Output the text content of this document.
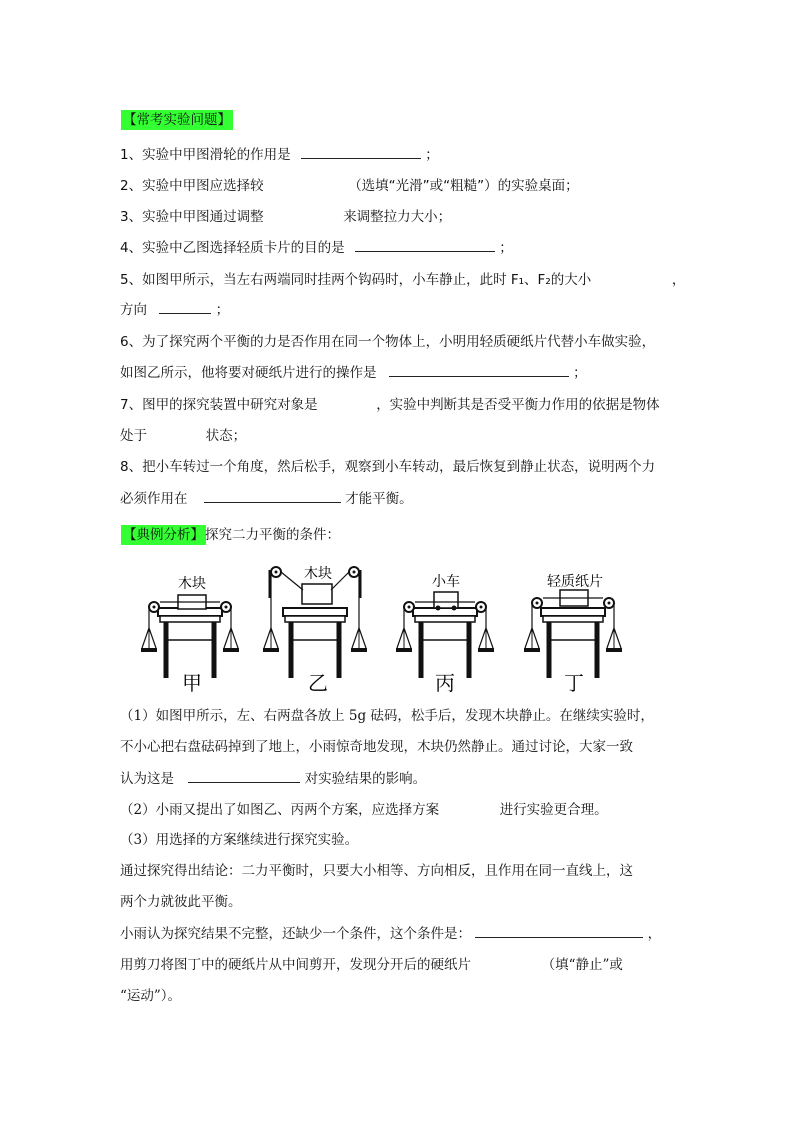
【常考实验问题】
1、实验中甲图滑轮的作用是	；
2、实验中甲图应选择较	（选填“光滑”或“粗糙”）的实验桌面；
3、实验中甲图通过调整	来调整拉力大小；
4、实验中乙图选择轻质卡片的目的是	；
5、如图甲所示，当左右两端同时挂两个钩码时，小车静止，此时 F₁、F₂的大小	，
方向	；
6、为了探究两个平衡的力是否作用在同一个物体上，小明用轻质硬纸片代替小车做实验，
如图乙所示，他将要对硬纸片进行的操作是	；
7、图甲的探究装置中研究对象是	，实验中判断其是否受平衡力作用的依据是物体
处于	状态；
8、把小车转过一个角度，然后松手，观察到小车转动，最后恢复到静止状态，说明两个力
必须作用在	才能平衡。
【典例分析】 探究二力平衡的条件：
木块
甲
木块
乙
小车
丙
轻质纸片
丁
（1）如图甲所示，左、右两盘各放上 5g 砝码，松手后，发现木块静止。在继续实验时，
不小心把右盘砝码掉到了地上，小雨惊奇地发现，木块仍然静止。通过讨论，大家一致
认为这是	对实验结果的影响。
（2）小雨又提出了如图乙、丙两个方案，应选择方案	进行实验更合理。
（3）用选择的方案继续进行探究实验。
通过探究得出结论：二力平衡时，只要大小相等、方向相反，且作用在同一直线上，这
两个力就彼此平衡。
小雨认为探究结果不完整，还缺少一个条件，这个条件是：	，
用剪刀将图丁中的硬纸片从中间剪开，发现分开后的硬纸片	（填“静止”或
“运动”）。
